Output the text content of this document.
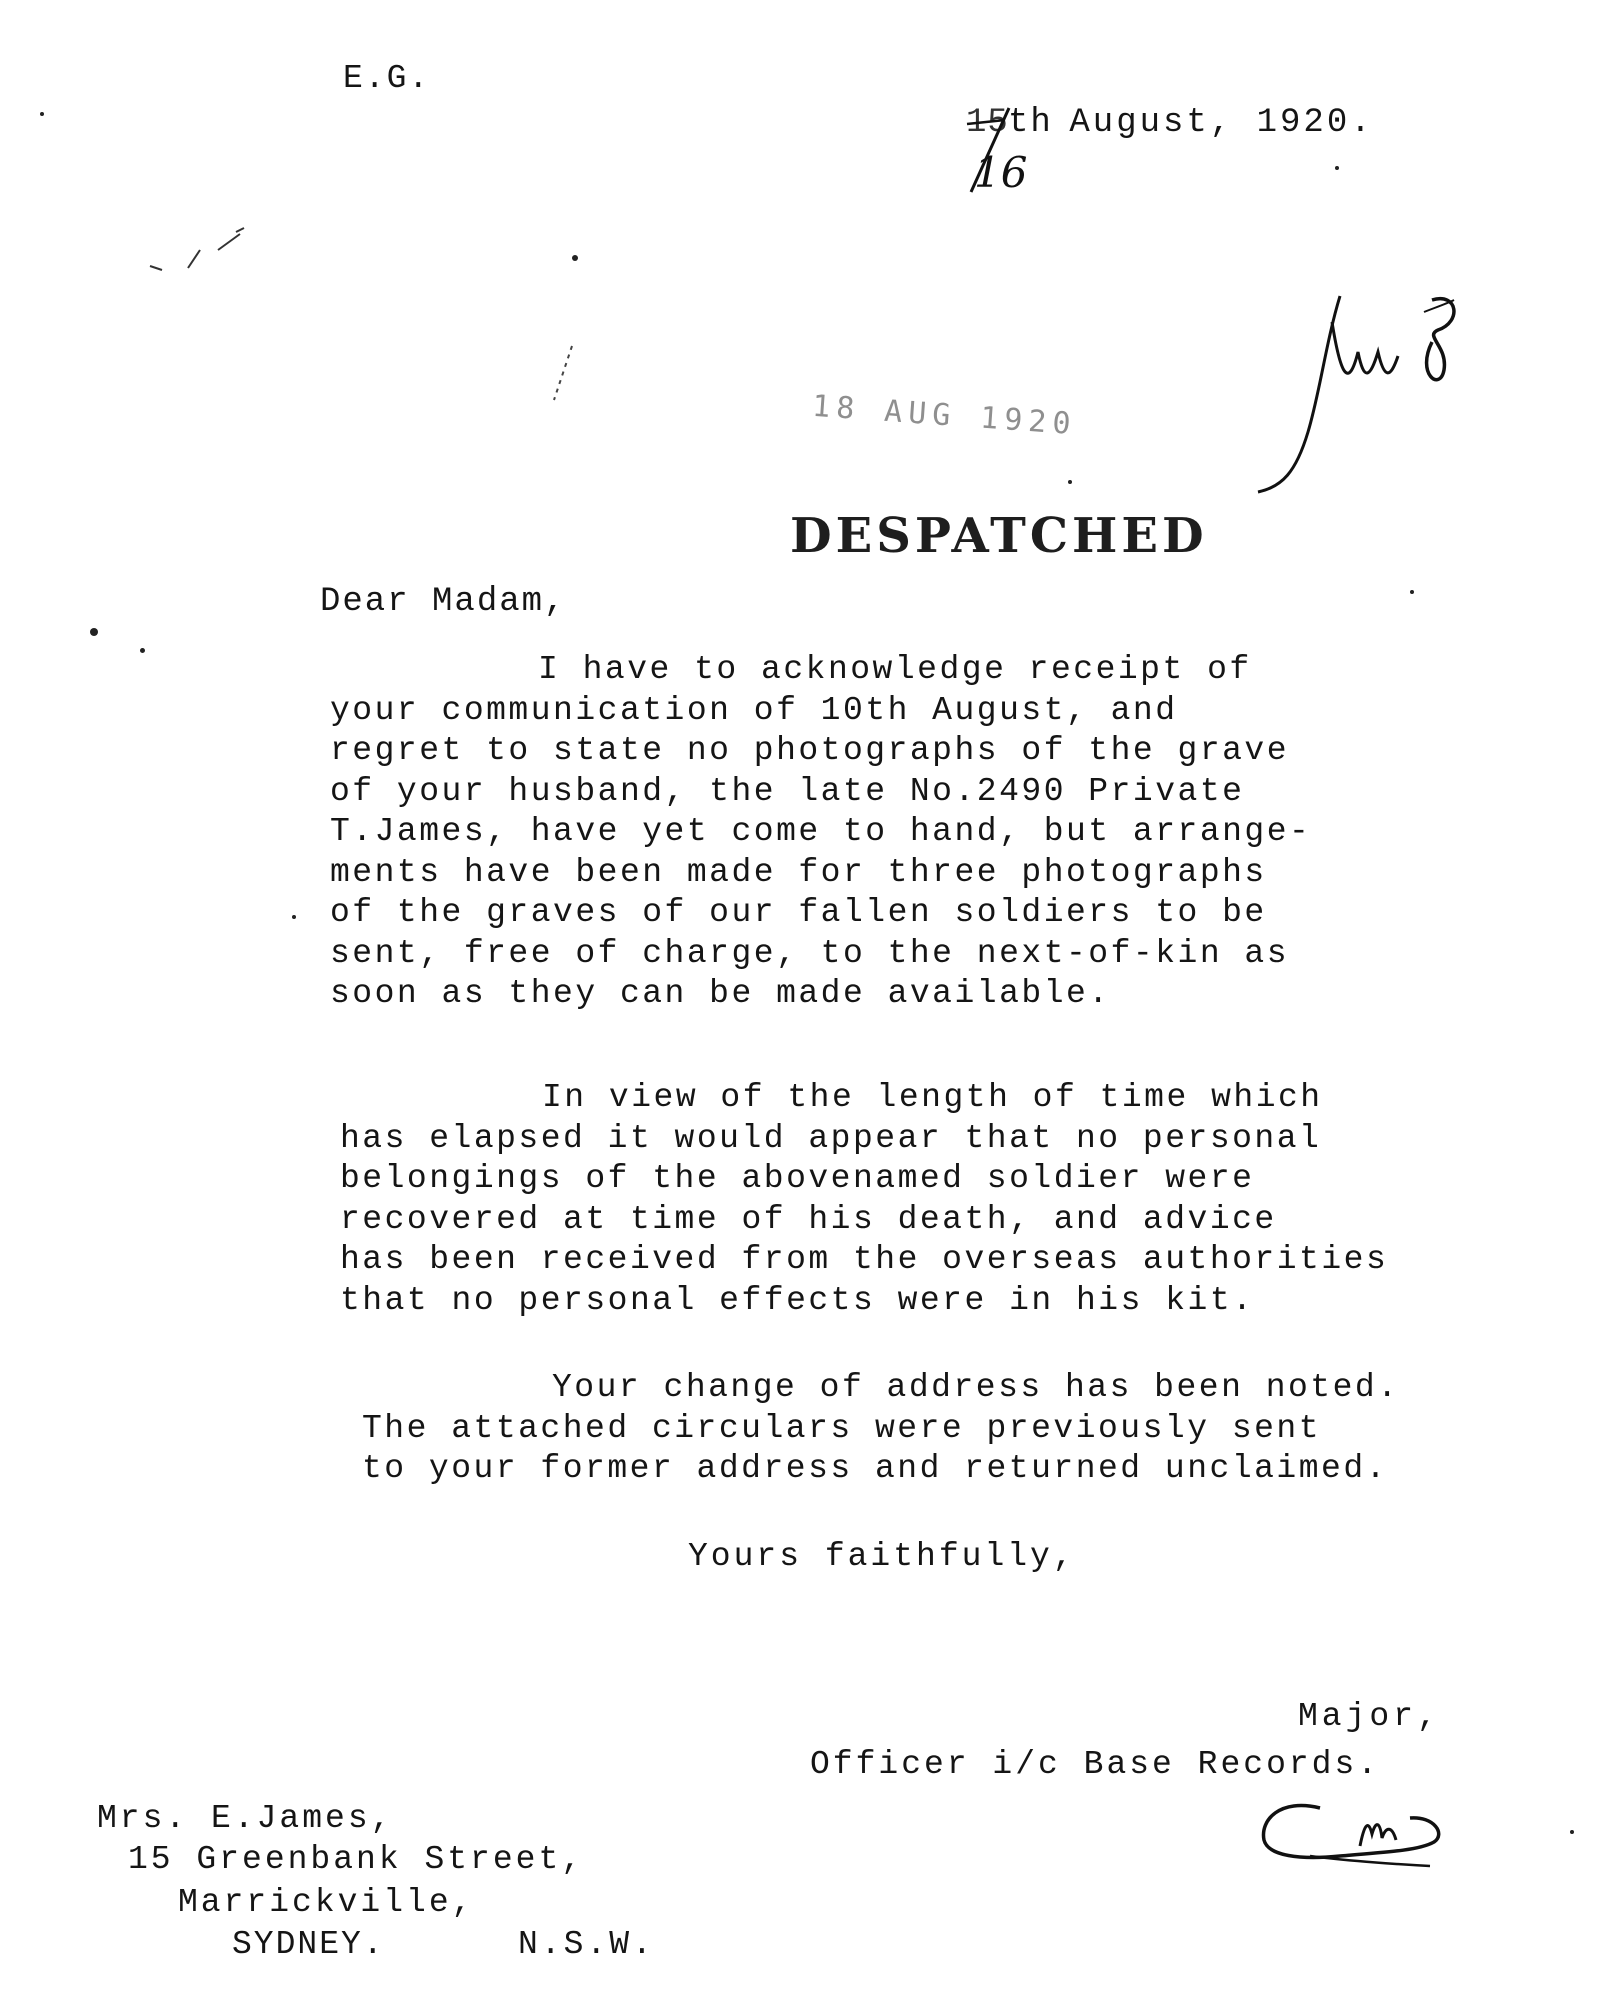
E.G.
15 th
August, 1920.
16
Gen 8
18 AUG 1920
DESPATCHED
Dear Madam,
I have to acknowledge receipt of
your communication of 10th August, and
regret to state no photographs of the grave
of your husband, the late No.2490 Private
T.James, have yet come to hand, but arrange-
ments have been made for three photographs
of the graves of our fallen soldiers to be
sent, free of charge, to the next-of-kin as
soon as they can be made available.
In view of the length of time which
has elapsed it would appear that no personal
belongings of the abovenamed soldier were
recovered at time of his death, and advice
has been received from the overseas authorities
that no personal effects were in his kit.
Your change of address has been noted.
The attached circulars were previously sent
to your former address and returned unclaimed.
Yours faithfully,
Major,
Officer i/c Base Records.
Mrs. E.James,
15 Greenbank Street,
Marrickville,
SYDNEY.	N.S.W.
